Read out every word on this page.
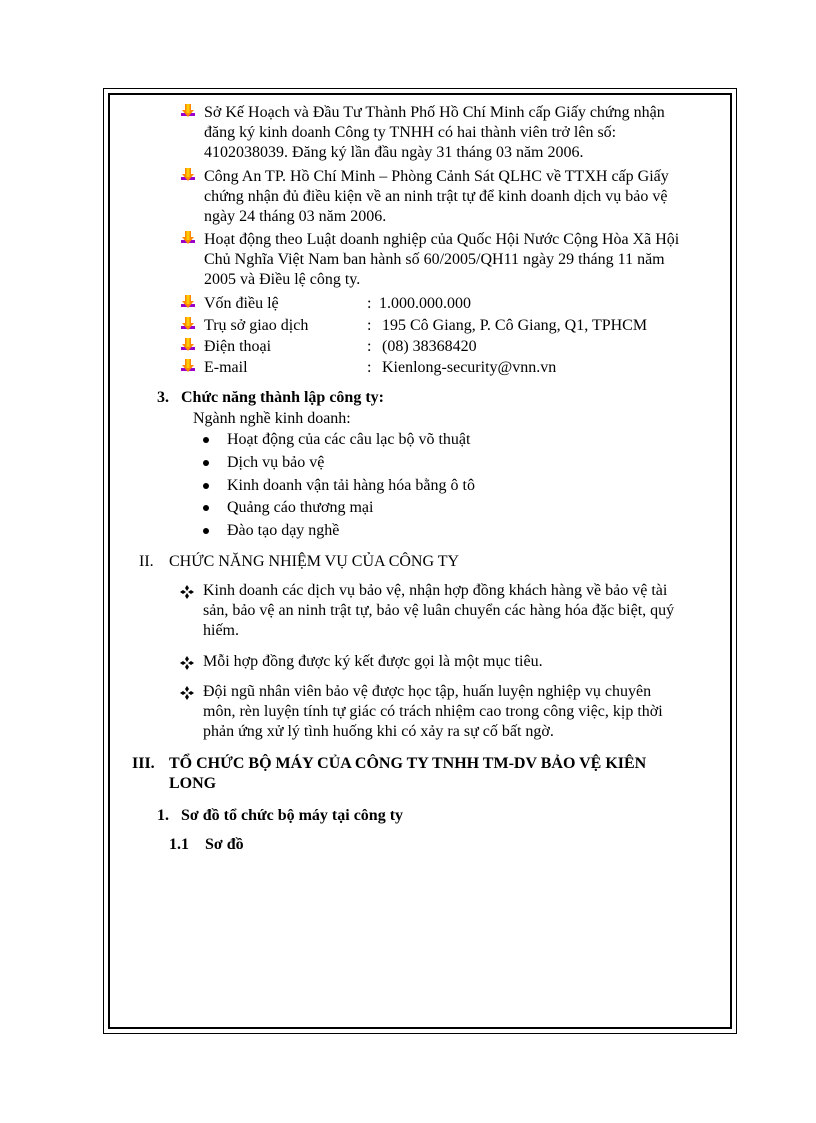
Sở Kế Hoạch và Đầu Tư Thành Phố Hồ Chí Minh cấp Giấy chứng nhận
đăng ký kinh doanh Công ty TNHH có hai thành viên trở lên số:
4102038039. Đăng ký lần đầu ngày 31 tháng 03 năm 2006.
Công An TP. Hồ Chí Minh – Phòng Cảnh Sát QLHC về TTXH cấp Giấy
chứng nhận đủ điều kiện về an ninh trật tự để kinh doanh dịch vụ bảo vệ
ngày 24 tháng 03 năm 2006.
Hoạt động theo Luật doanh nghiệp của Quốc Hội Nước Cộng Hòa Xã Hội
Chủ Nghĩa Việt Nam ban hành số 60/2005/QH11 ngày 29 tháng 11 năm
2005 và Điều lệ công ty.
Vốn điều lệ	: 1.000.000.000
Trụ sở giao dịch	: 195 Cô Giang, P. Cô Giang, Q1, TPHCM
Điện thoại	: (08) 38368420
E-mail	: Kienlong-security@vnn.vn
3. Chức năng thành lập công ty:
Ngành nghề kinh doanh:
Hoạt động của các câu lạc bộ võ thuật
Dịch vụ bảo vệ
Kinh doanh vận tải hàng hóa bằng ô tô
Quảng cáo thương mại
Đào tạo dạy nghề
II. CHỨC NĂNG NHIỆM VỤ CỦA CÔNG TY
Kinh doanh các dịch vụ bảo vệ, nhận hợp đồng khách hàng về bảo vệ tài
sản, bảo vệ an ninh trật tự, bảo vệ luân chuyển các hàng hóa đặc biệt, quý
hiếm.
Mỗi hợp đồng được ký kết được gọi là một mục tiêu.
Đội ngũ nhân viên bảo vệ được học tập, huấn luyện nghiệp vụ chuyên
môn, rèn luyện tính tự giác có trách nhiệm cao trong công việc, kịp thời
phản ứng xử lý tình huống khi có xảy ra sự cố bất ngờ.
III. TỔ CHỨC BỘ MÁY CỦA CÔNG TY TNHH TM-DV BẢO VỆ KIÊN
LONG
1. Sơ đồ tổ chức bộ máy tại công ty
1.1 Sơ đồ
